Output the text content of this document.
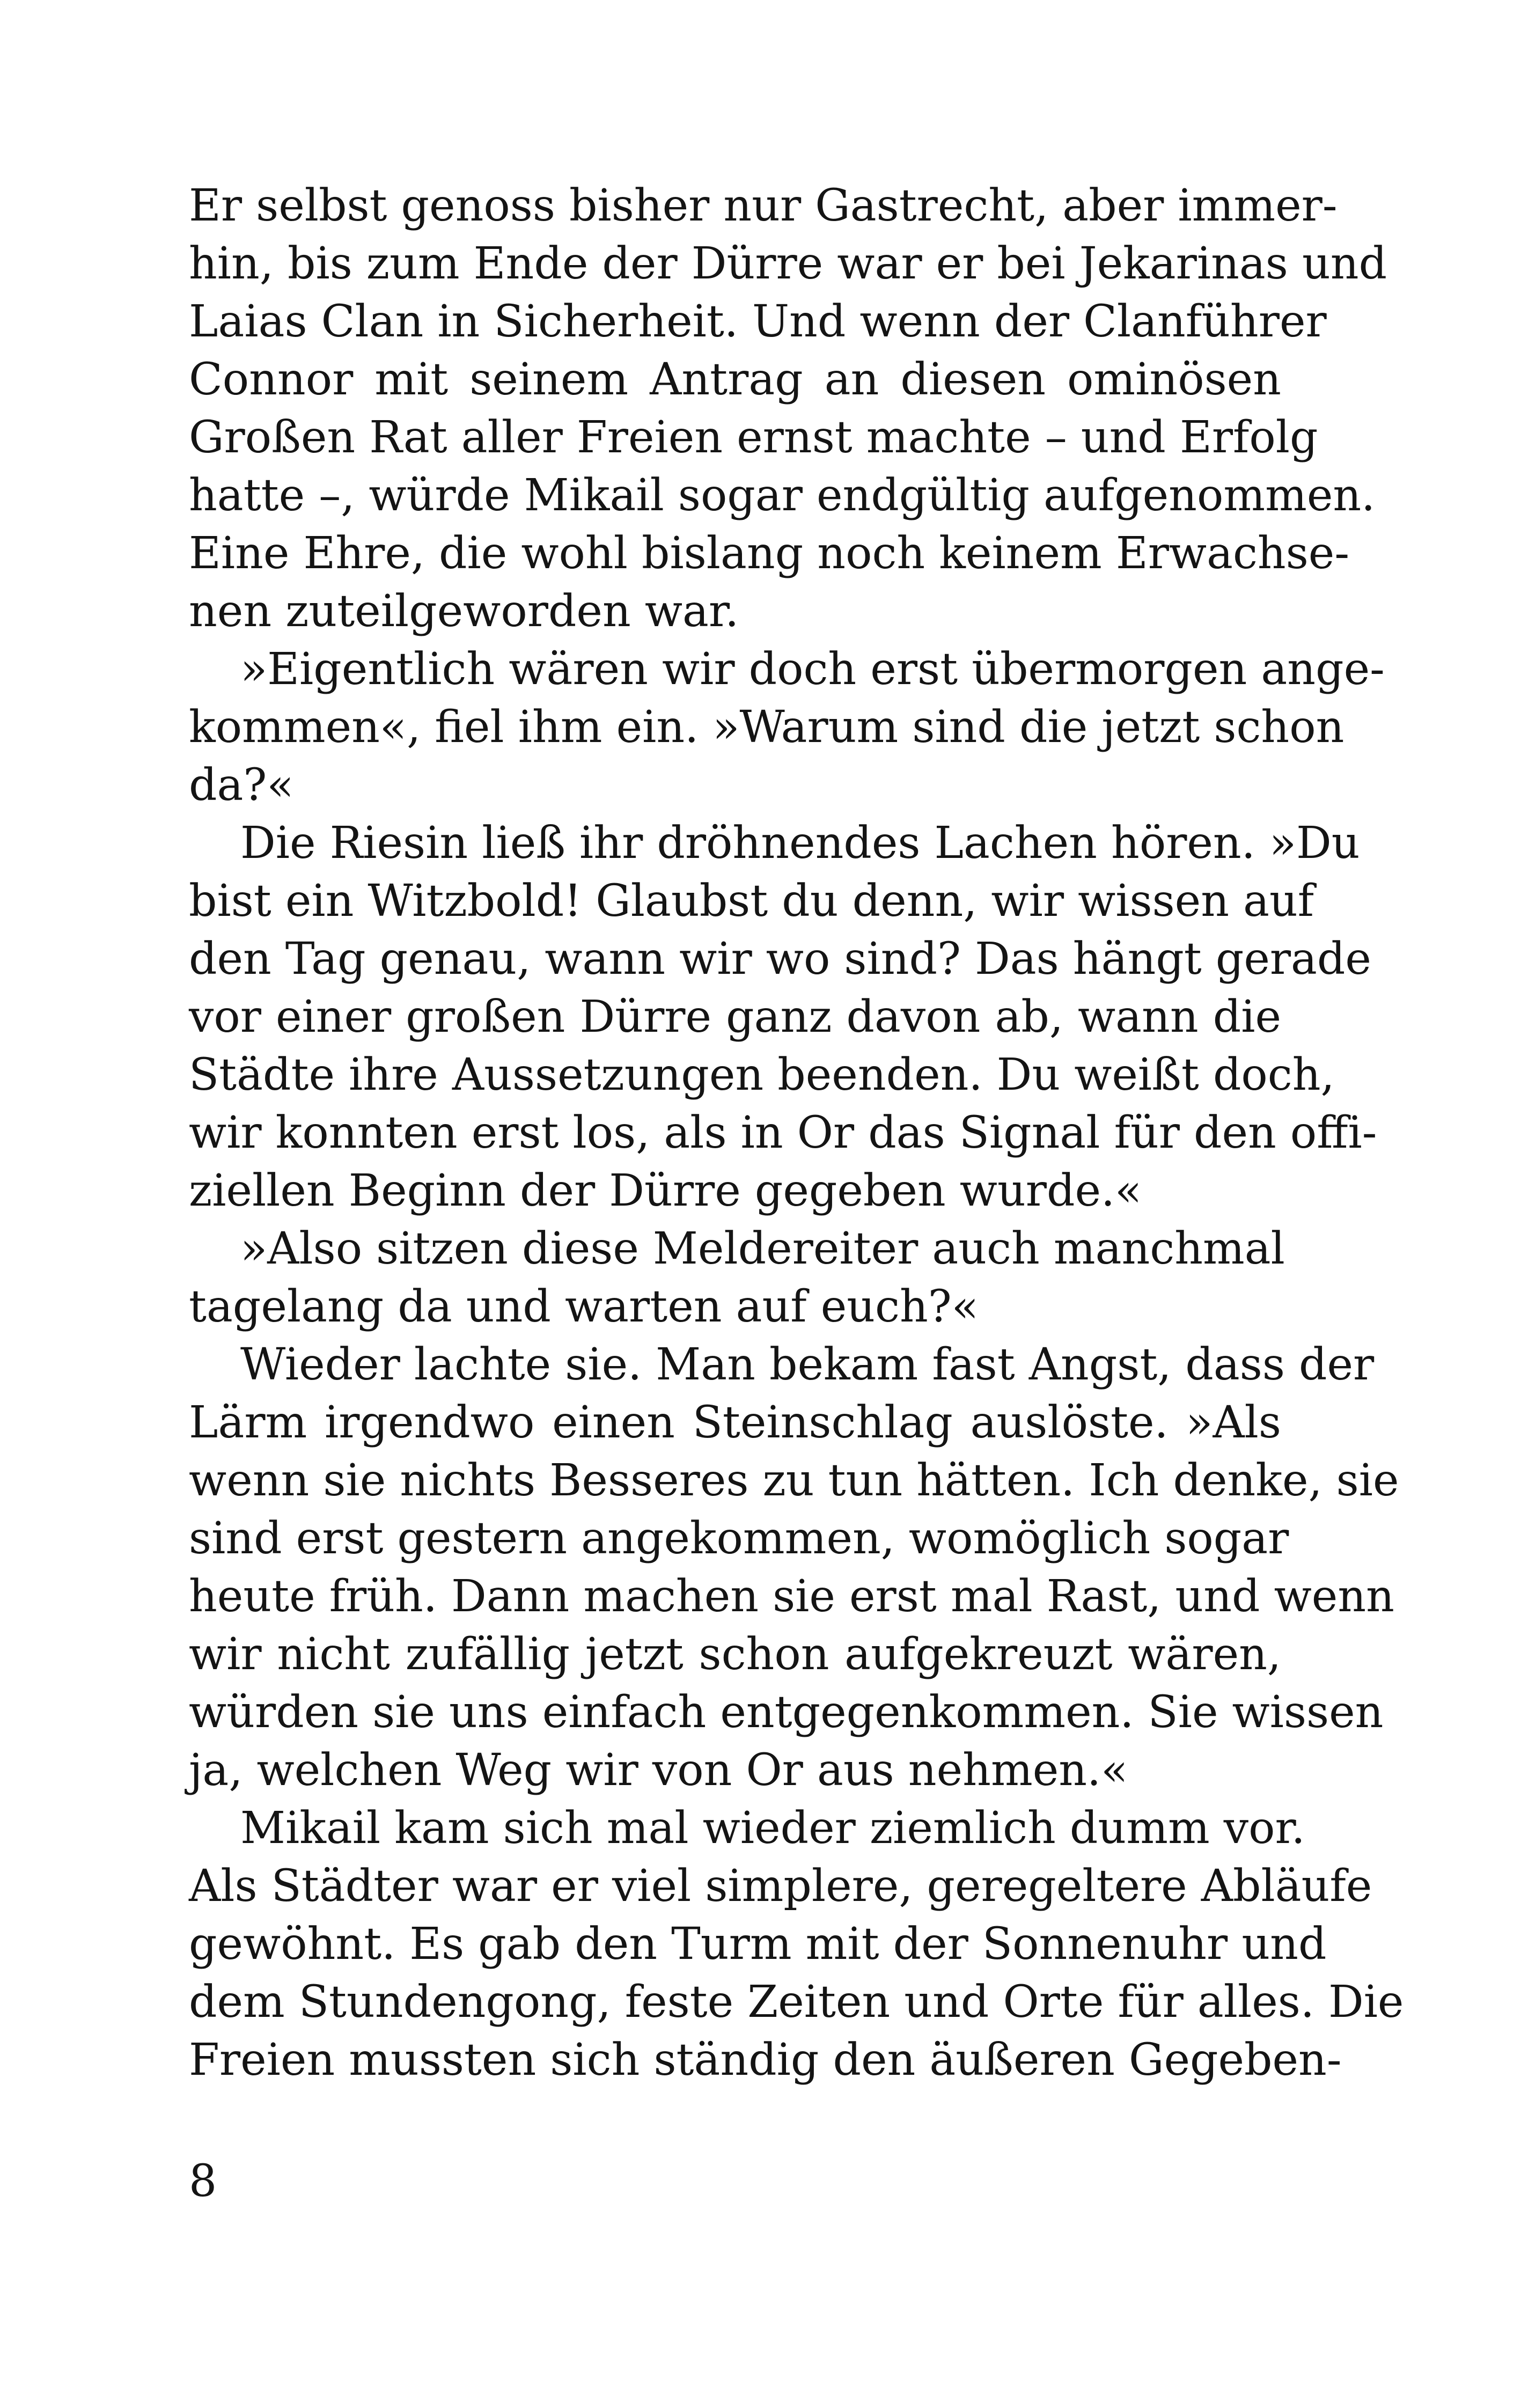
Er selbst genoss bisher nur Gastrecht, aber immer-
hin, bis zum Ende der Dürre war er bei Jekarinas und
Laias Clan in Sicherheit. Und wenn der Clanführer
Connor mit seinem Antrag an diesen ominösen
Großen Rat aller Freien ernst machte – und Erfolg
hatte –, würde Mikail sogar endgültig aufgenommen.
Eine Ehre, die wohl bislang noch keinem Erwachse-
nen zuteilgeworden war.
»Eigentlich wären wir doch erst übermorgen ange-
kommen«, fiel ihm ein. »Warum sind die jetzt schon
da?«
Die Riesin ließ ihr dröhnendes Lachen hören. »Du
bist ein Witzbold! Glaubst du denn, wir wissen auf
den Tag genau, wann wir wo sind? Das hängt gerade
vor einer großen Dürre ganz davon ab, wann die
Städte ihre Aussetzungen beenden. Du weißt doch,
wir konnten erst los, als in Or das Signal für den offi-
ziellen Beginn der Dürre gegeben wurde.«
»Also sitzen diese Meldereiter auch manchmal
tagelang da und warten auf euch?«
Wieder lachte sie. Man bekam fast Angst, dass der
Lärm irgendwo einen Steinschlag auslöste. »Als
wenn sie nichts Besseres zu tun hätten. Ich denke, sie
sind erst gestern angekommen, womöglich sogar
heute früh. Dann machen sie erst mal Rast, und wenn
wir nicht zufällig jetzt schon aufgekreuzt wären,
würden sie uns einfach entgegenkommen. Sie wissen
ja, welchen Weg wir von Or aus nehmen.«
Mikail kam sich mal wieder ziemlich dumm vor.
Als Städter war er viel simplere, geregeltere Abläufe
gewöhnt. Es gab den Turm mit der Sonnenuhr und
dem Stundengong, feste Zeiten und Orte für alles. Die
Freien mussten sich ständig den äußeren Gegeben-
8
